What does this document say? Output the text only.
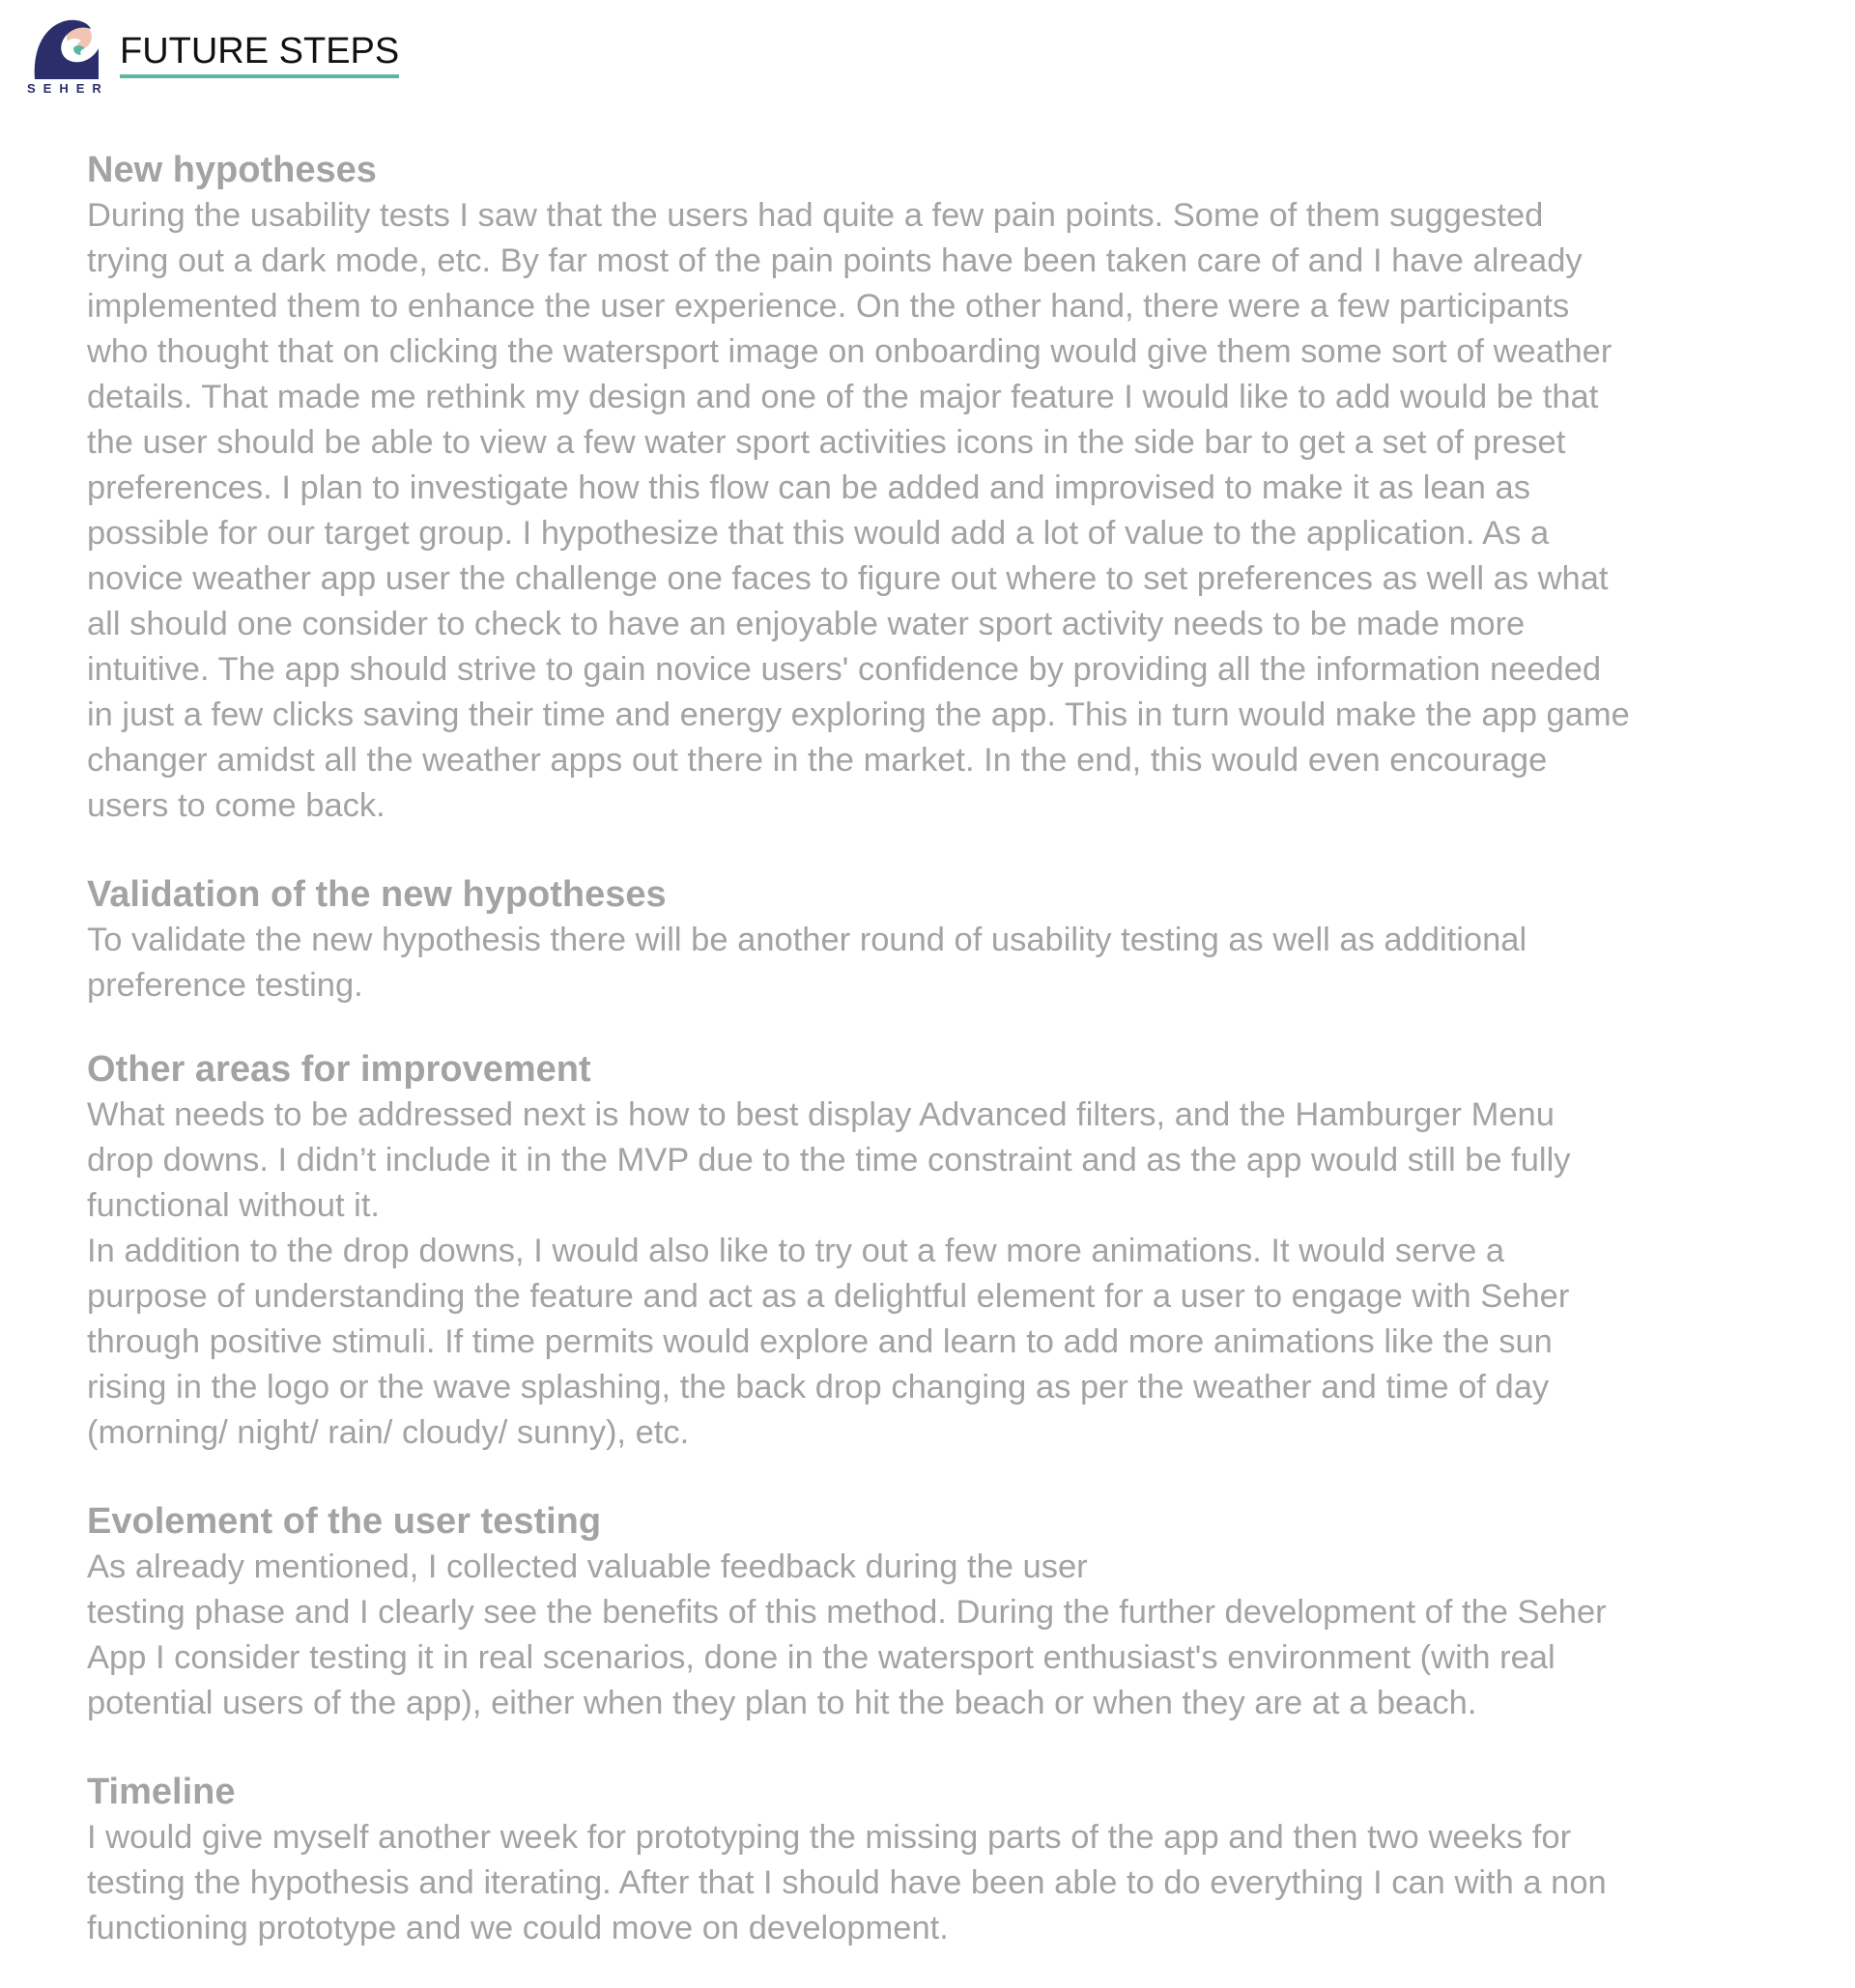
SEHER
FUTURE STEPS
New hypotheses

During the usability tests I saw that the users had quite a few pain points. Some of them suggested
trying out a dark mode, etc. By far most of the pain points have been taken care of and I have already
implemented them to enhance the user experience. On the other hand, there were a few participants
who thought that on clicking the watersport image on onboarding would give them some sort of weather
details. That made me rethink my design and one of the major feature I would like to add would be that
the user should be able to view a few water sport activities icons in the side bar to get a set of preset
preferences. I plan to investigate how this flow can be added and improvised to make it as lean as
possible for our target group. I hypothesize that this would add a lot of value to the application. As a
novice weather app user the challenge one faces to figure out where to set preferences as well as what
all should one consider to check to have an enjoyable water sport activity needs to be made more
intuitive. The app should strive to gain novice users' confidence by providing all the information needed
in just a few clicks saving their time and energy exploring the app. This in turn would make the app game
changer amidst all the weather apps out there in the market. In the end, this would even encourage
users to come back.

Validation of the new hypotheses

To validate the new hypothesis there will be another round of usability testing as well as additional
preference testing.

Other areas for improvement

What needs to be addressed next is how to best display Advanced filters, and the Hamburger Menu
drop downs. I didn’t include it in the MVP due to the time constraint and as the app would still be fully
functional without it.
In addition to the drop downs, I would also like to try out a few more animations. It would serve a
purpose of understanding the feature and act as a delightful element for a user to engage with Seher
through positive stimuli. If time permits would explore and learn to add more animations like the sun
rising in the logo or the wave splashing, the back drop changing as per the weather and time of day
(morning/ night/ rain/ cloudy/ sunny), etc.

Evolement of the user testing

As already mentioned, I collected valuable feedback during the user
testing phase and I clearly see the benefits of this method. During the further development of the Seher
App I consider testing it in real scenarios, done in the watersport enthusiast's environment (with real
potential users of the app), either when they plan to hit the beach or when they are at a beach.

Timeline

I would give myself another week for prototyping the missing parts of the app and then two weeks for
testing the hypothesis and iterating. After that I should have been able to do everything I can with a non
functioning prototype and we could move on development.
